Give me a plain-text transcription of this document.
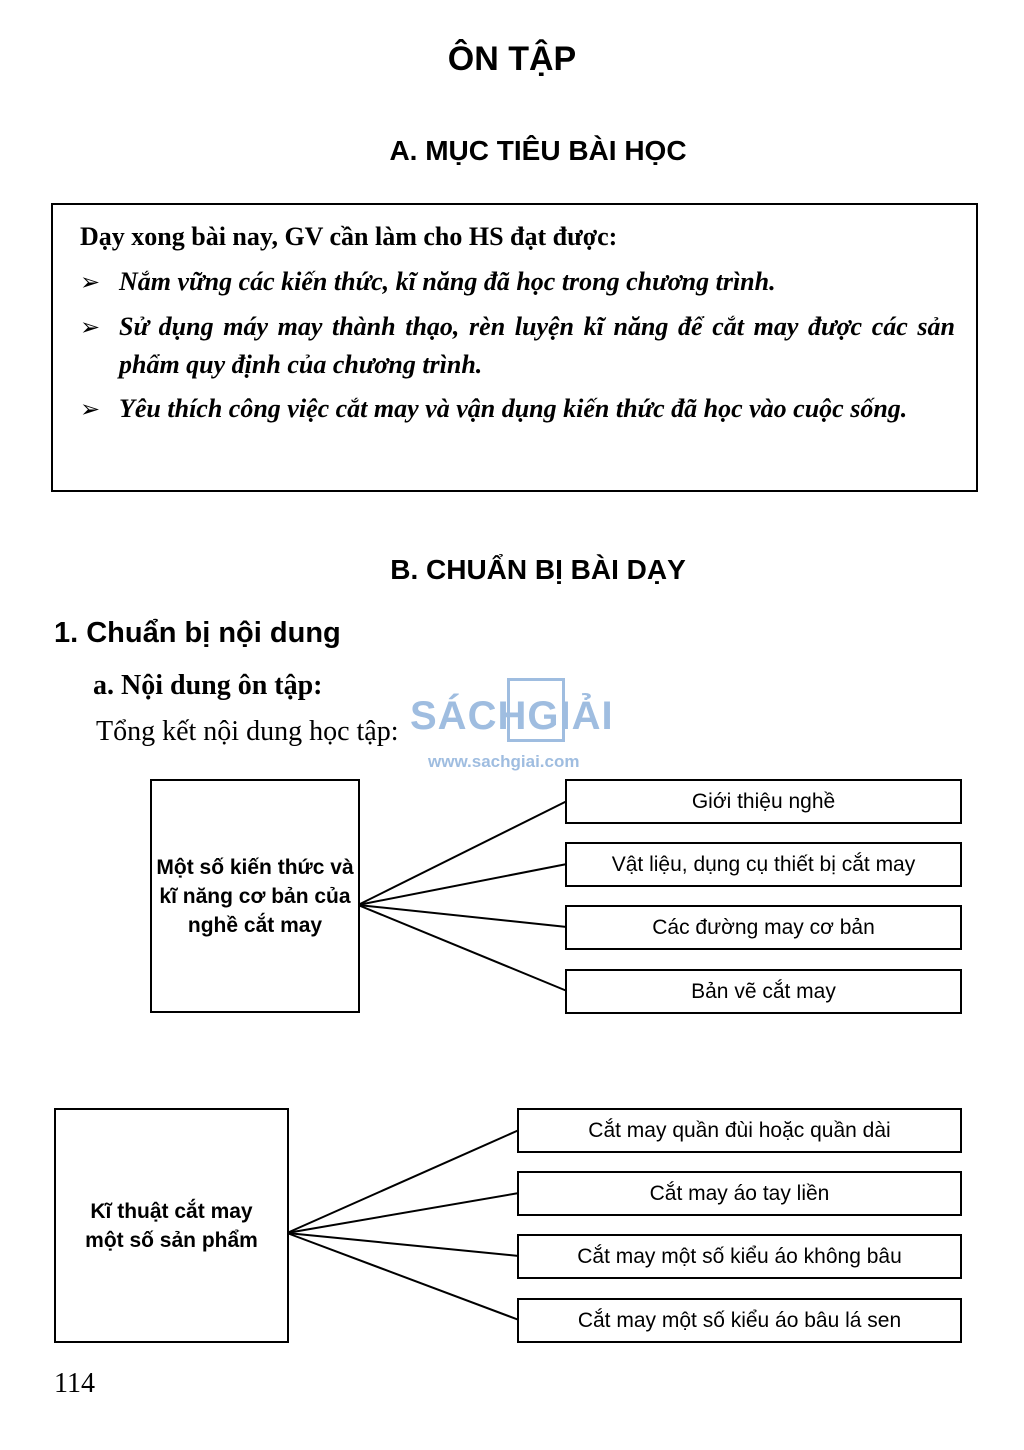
ÔN TẬP
A. MỤC TIÊU BÀI HỌC
Dạy xong bài nay, GV cần làm cho HS đạt được:
➢ Nắm vững các kiến thức, kĩ năng đã học trong chương trình.
➢ Sử dụng máy may thành thạo, rèn luyện kĩ năng để cắt may được các sản phẩm quy định của chương trình.
➢ Yêu thích công việc cắt may và vận dụng kiến thức đã học vào cuộc sống.
B. CHUẨN BỊ BÀI DẠY
1. Chuẩn bị nội dung
a. Nội dung ôn tập:
Tổng kết nội dung học tập: SÁCHGIẢI
www.sachgiai.com
Một số kiến thức và kĩ năng cơ bản của nghề cắt may
Giới thiệu nghề
Vật liệu, dụng cụ thiết bị cắt may
Các đường may cơ bản
Bản vẽ cắt may
Kĩ thuật cắt may một số sản phẩm
Cắt may quần đùi hoặc quần dài
Cắt may áo tay liền
Cắt may một số kiểu áo không bâu
Cắt may một số kiểu áo bâu lá sen
114
